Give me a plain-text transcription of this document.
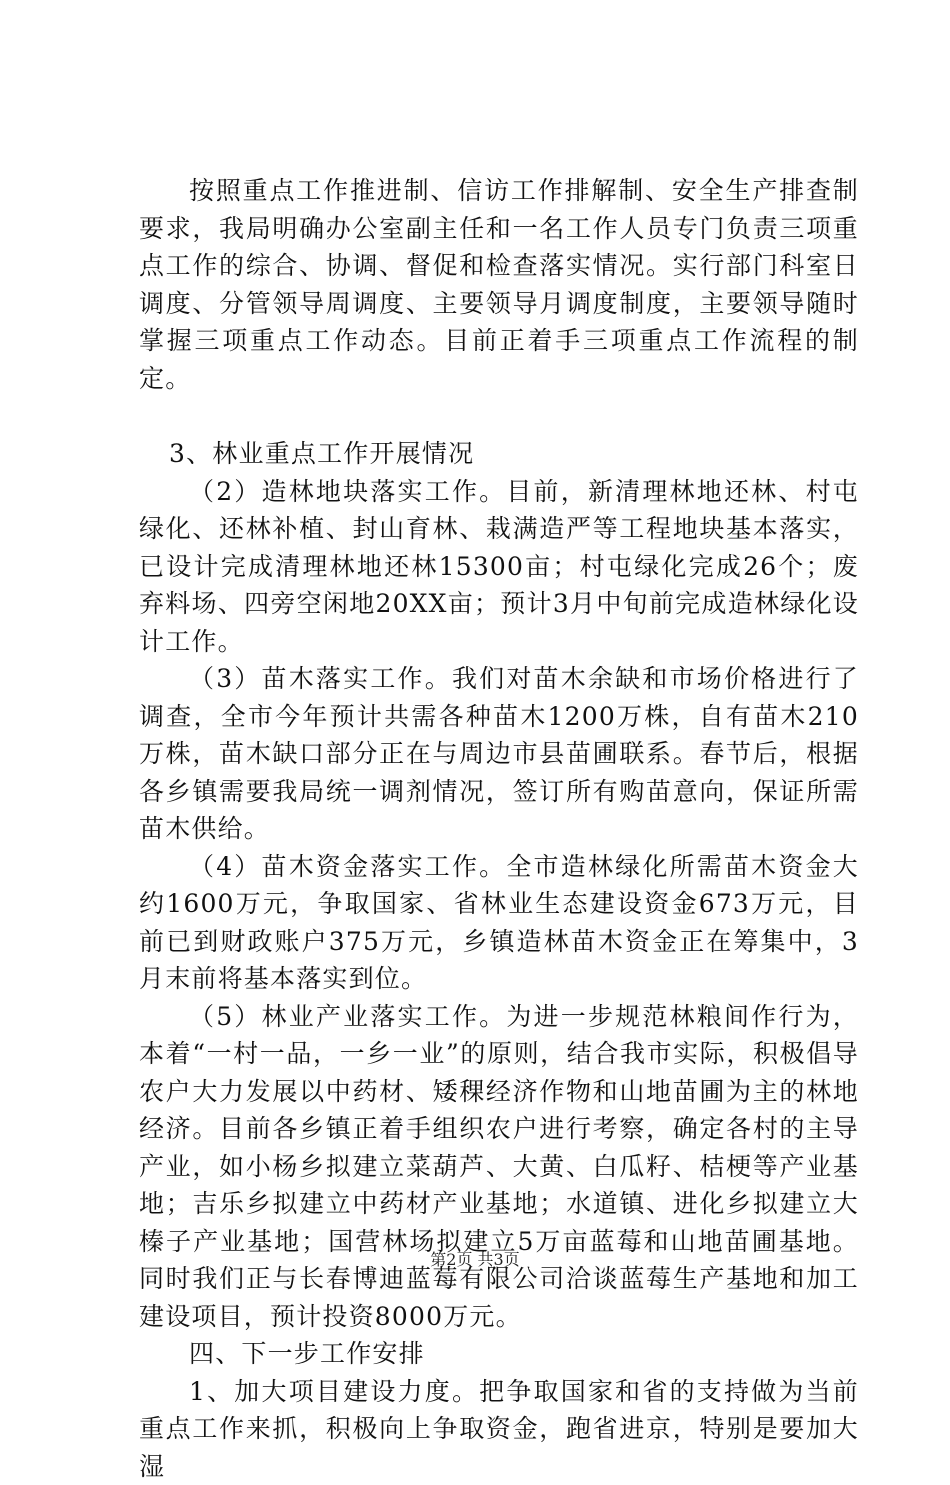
按照重点工作推进制、信访工作排解制、安全生产排查制要求，我局明确办公室副主任和一名工作人员专门负责三项重点工作的综合、协调、督促和检查落实情况。实行部门科室日调度、分管领导周调度、主要领导月调度制度，主要领导随时掌握三项重点工作动态。目前正着手三项重点工作流程的制定。

3、林业重点工作开展情况

（2）造林地块落实工作。目前，新清理林地还林、村屯绿化、还林补植、封山育林、栽满造严等工程地块基本落实，已设计完成清理林地还林15300亩；村屯绿化完成26个；废弃料场、四旁空闲地20XX亩；预计3月中旬前完成造林绿化设计工作。

（3）苗木落实工作。我们对苗木余缺和市场价格进行了调查，全市今年预计共需各种苗木1200万株，自有苗木210万株，苗木缺口部分正在与周边市县苗圃联系。春节后，根据各乡镇需要我局统一调剂情况，签订所有购苗意向，保证所需苗木供给。

（4）苗木资金落实工作。全市造林绿化所需苗木资金大约1600万元，争取国家、省林业生态建设资金673万元，目前已到财政账户375万元，乡镇造林苗木资金正在筹集中，3月末前将基本落实到位。

（5）林业产业落实工作。为进一步规范林粮间作行为，本着“一村一品，一乡一业”的原则，结合我市实际，积极倡导农户大力发展以中药材、矮稞经济作物和山地苗圃为主的林地经济。目前各乡镇正着手组织农户进行考察，确定各村的主导产业，如小杨乡拟建立菜葫芦、大黄、白瓜籽、桔梗等产业基地；吉乐乡拟建立中药材产业基地；水道镇、进化乡拟建立大榛子产业基地；国营林场拟建立5万亩蓝莓和山地苗圃基地。同时我们正与长春博迪蓝莓有限公司洽谈蓝莓生产基地和加工建设项目，预计投资8000万元。

四、下一步工作安排

1、加大项目建设力度。把争取国家和省的支持做为当前重点工作来抓，积极向上争取资金，跑省进京，特别是要加大湿

第2页 共3页
